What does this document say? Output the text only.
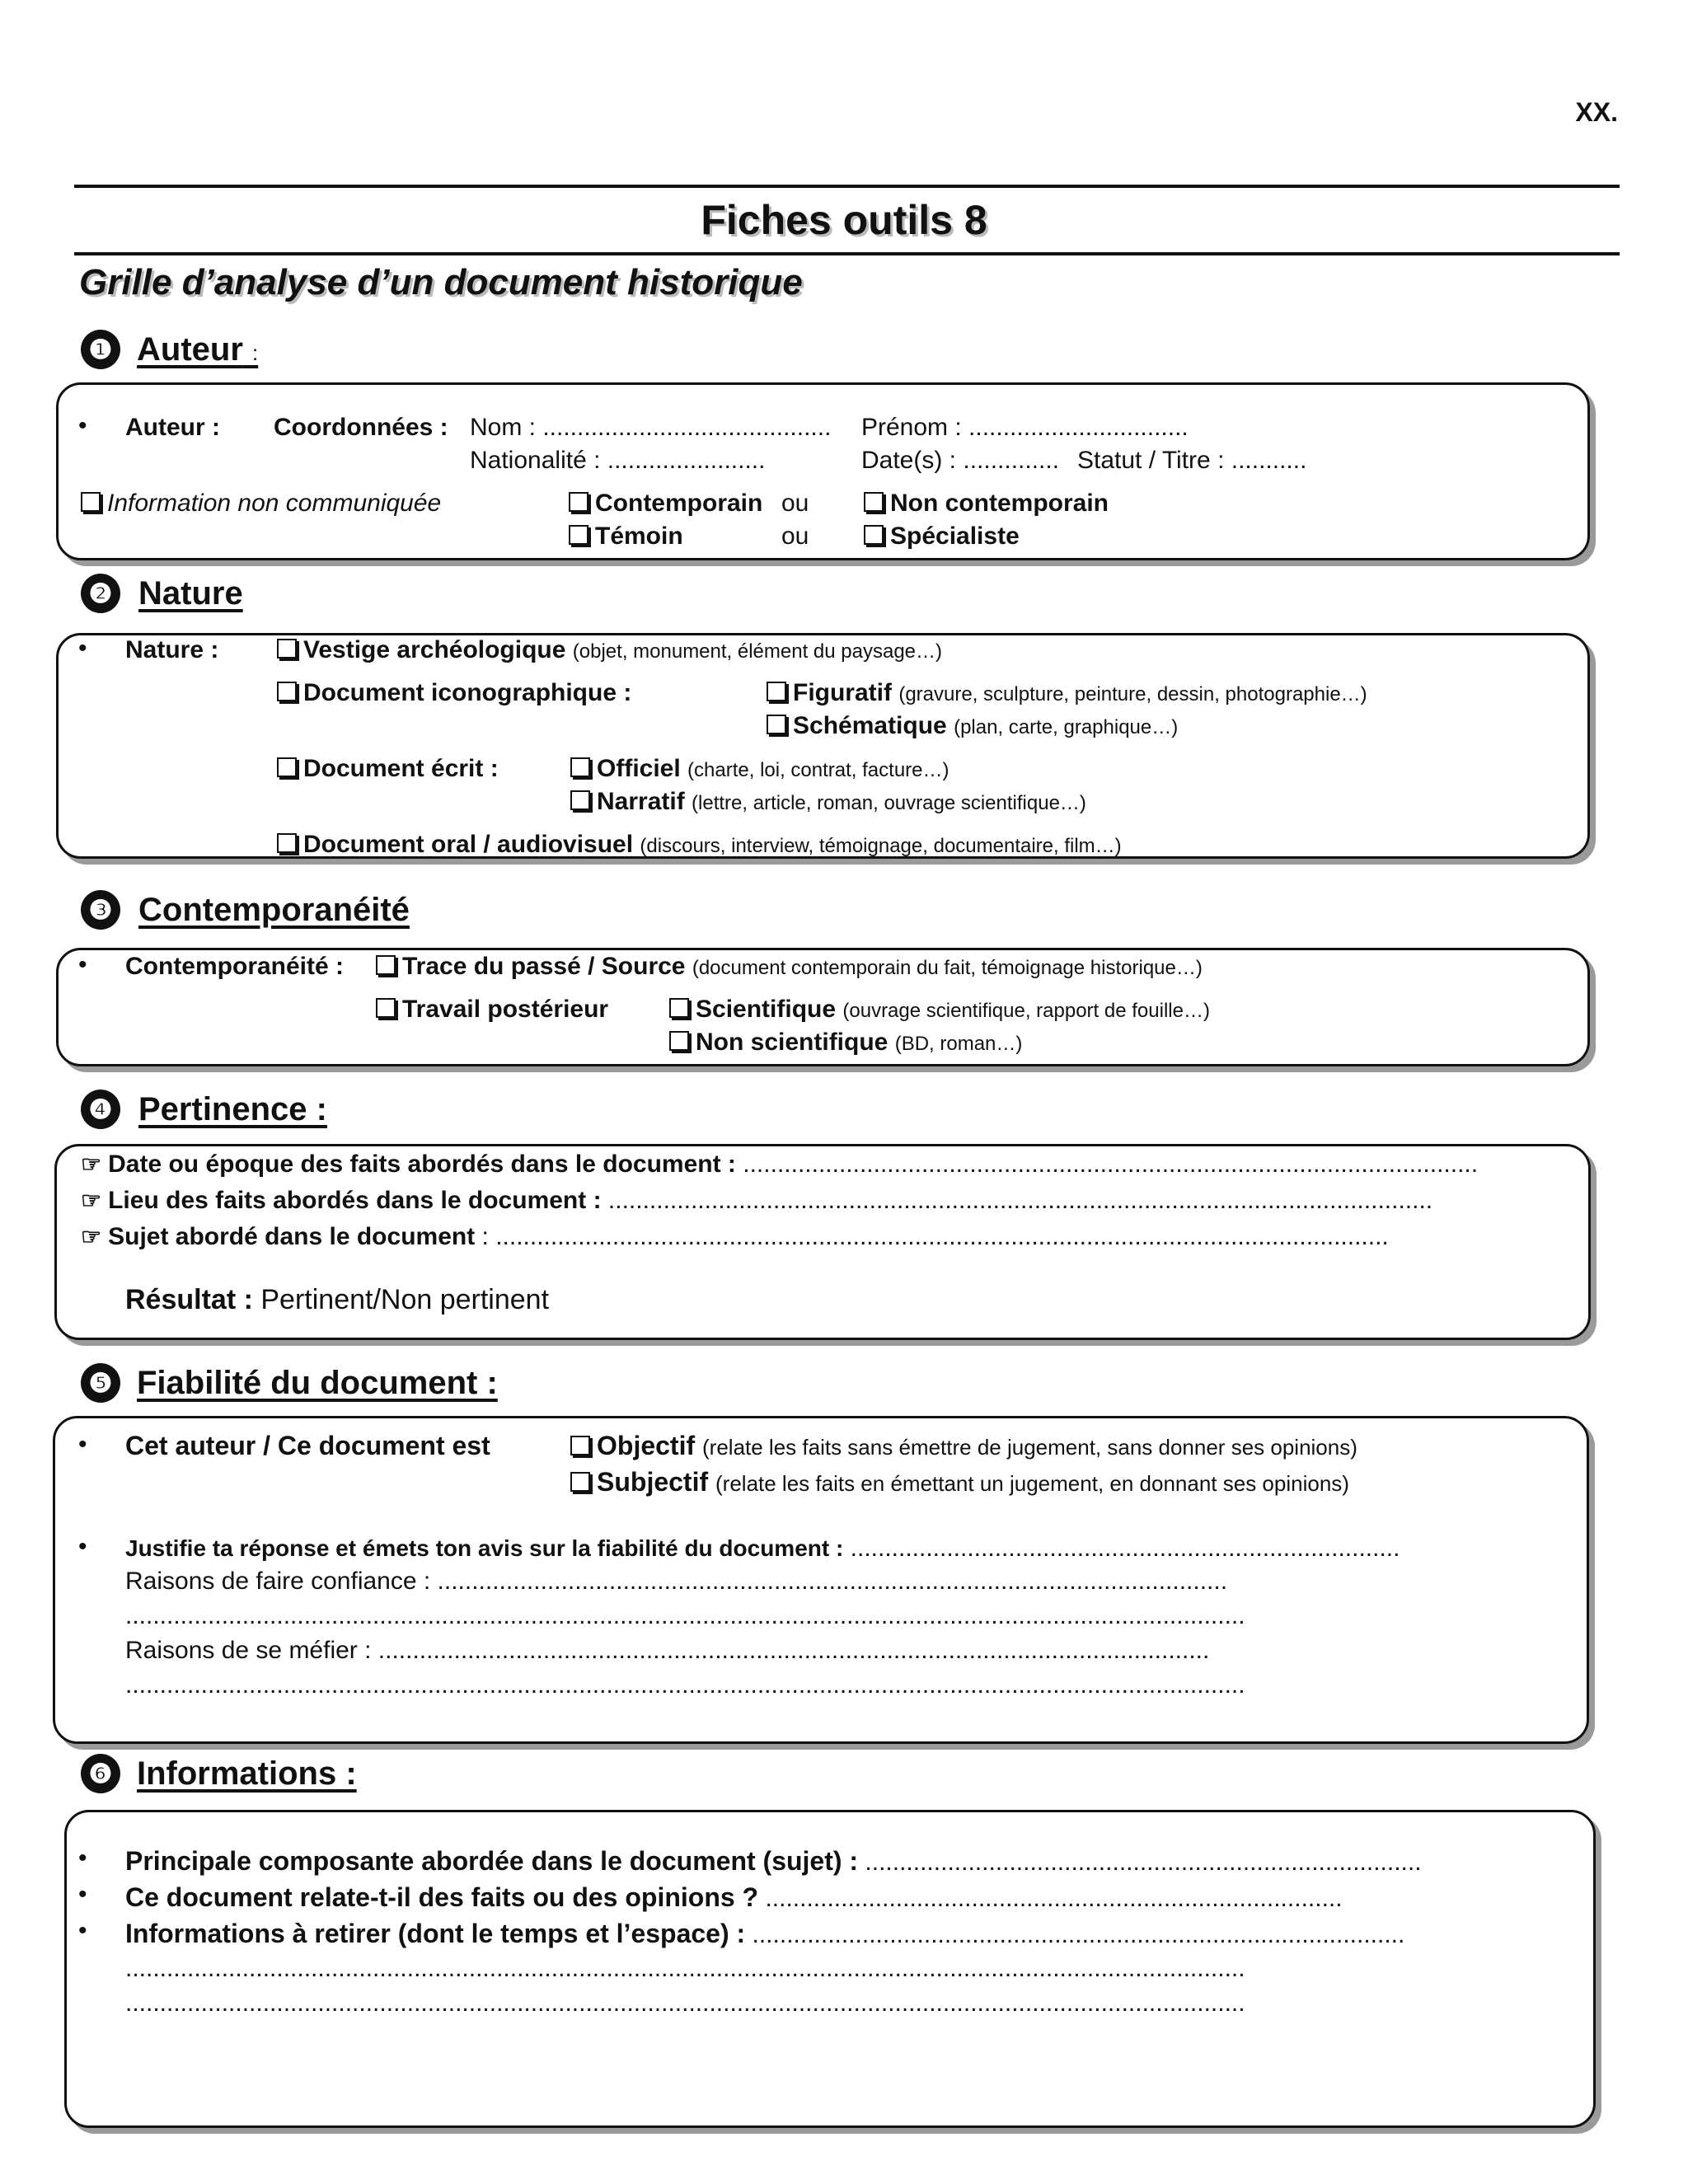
XX.
Fiches outils 8
Grille d’analyse d’un document historique
❶ Auteur :
• Auteur : Coordonnées : Nom : .......................................... Prénom : ................................
Nationalité : .......................	Date(s) : .............. Statut / Titre : ...........
Information non communiquée	Contemporain ou	Non contemporain
Témoin	ou	Spécialiste
❷ Nature
• Nature :	Vestige archéologique (objet, monument, élément du paysage…)
Document iconographique :	Figuratif (gravure, sculpture, peinture, dessin, photographie…)
Schématique (plan, carte, graphique…)
Document écrit :	Officiel (charte, loi, contrat, facture…)
Narratif (lettre, article, roman, ouvrage scientifique…)
Document oral / audiovisuel (discours, interview, témoignage, documentaire, film…)
❸ Contemporanéité
• Contemporanéité :	Trace du passé / Source (document contemporain du fait, témoignage historique…)
Travail postérieur	Scientifique (ouvrage scientifique, rapport de fouille…)
Non scientifique (BD, roman…)
❹ Pertinence :
☞ Date ou époque des faits abordés dans le document : ...........................................................................................................
☞ Lieu des faits abordés dans le document : ........................................................................................................................
☞ Sujet abordé dans le document : ..................................................................................................................................
Résultat : Pertinent/Non pertinent
❺ Fiabilité du document :
• Cet auteur / Ce document est	Objectif (relate les faits sans émettre de jugement, sans donner ses opinions)
Subjectif (relate les faits en émettant un jugement, en donnant ses opinions)
• Justifie ta réponse et émets ton avis sur la fiabilité du document : ................................................................................
Raisons de faire confiance : ...................................................................................................................
...................................................................................................................................................................
Raisons de se méfier : .........................................................................................................................
...................................................................................................................................................................
❻ Informations :
• Principale composante abordée dans le document (sujet) : .................................................................................
• Ce document relate-t-il des faits ou des opinions ? ....................................................................................
• Informations à retirer (dont le temps et l’espace) : ...............................................................................................
...................................................................................................................................................................
...................................................................................................................................................................
